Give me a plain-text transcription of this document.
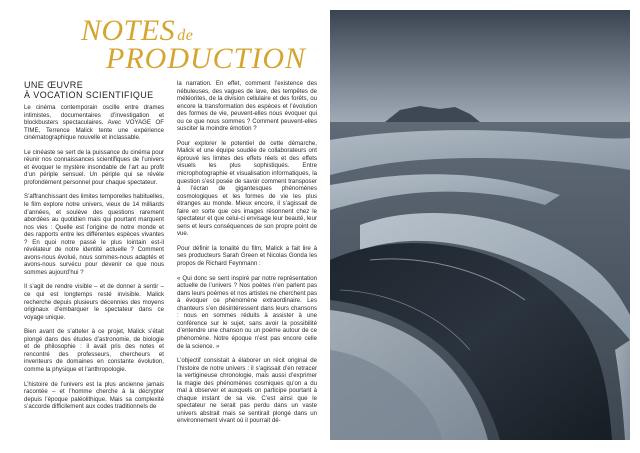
NOTES de
PRODUCTION
UNE ŒUVRE
À VOCATION SCIENTIFIQUE

Le cinéma contemporain oscille entre drames intimistes, documentaires d’investigation et blockbusters spectaculaires. Avec VOYAGE OF TIME, Terrence Malick tente une expérience cinématographique nouvelle et inclassable.

Le cinéaste se sert de la puissance du cinéma pour réunir nos connaissances scientifiques de l’univers et évoquer le mystère insondable de l’art au profit d’un périple sensuel. Un périple qui se révèle profondément personnel pour chaque spectateur.

S’affranchissant des limites temporelles habituelles, le film explore notre univers, vieux de 14 milliards d’années, et soulève des questions rarement abordées au quotidien mais qui pourtant marquent nos vies : Quelle est l’origine de notre monde et des rapports entre les différentes espèces vivantes ? En quoi notre passé le plus lointain est-il révélateur de notre identité actuelle ? Comment avons-nous évolué, nous sommes-nous adaptés et avons-nous survécu pour devenir ce que nous sommes aujourd’hui ?

Il s’agit de rendre visible – et de donner à sentir – ce qui est longtemps resté invisible. Malick recherche depuis plusieurs décennies des moyens originaux d’embarquer le spectateur dans ce voyage unique.

Bien avant de s’atteler à ce projet, Malick s’était plongé dans des études d’astronomie, de biologie et de philosophie : il avait pris des notes et rencontré des professeurs, chercheurs et inventeurs de domaines en constante évolution, comme la physique et l’anthropologie.

L’histoire de l’univers est la plus ancienne jamais racontée – et l’homme cherche à la décrypter depuis l’époque paléolithique. Mais sa complexité s’accorde difficilement aux codes traditionnels de

la narration. En effet, comment l’existence des nébuleuses, des vagues de lave, des tempêtes de météorites, de la division cellulaire et des forêts, ou encore la transformation des espèces et l’évolution des formes de vie, peuvent-elles nous évoquer qui ou ce que nous sommes ? Comment peuvent-elles susciter la moindre émotion ?

Pour explorer le potentiel de cette démarche, Malick et une équipe soudée de collaborateurs ont éprouvé les limites des effets réels et des effets visuels les plus sophistiqués. Entre microphotographie et visualisation informatiques, la question s’est posée de savoir comment transposer à l’écran de gigantesques phénomènes cosmologiques et les formes de vie les plus étranges au monde. Mieux encore, il s’agissait de faire en sorte que ces images résonnent chez le spectateur et que celui-ci envisage leur beauté, leur sens et leurs conséquences de son propre point de vue.

Pour définir la tonalité du film, Malick a fait lire à ses producteurs Sarah Green et Nicolas Gonda les propos de Richard Feynmann :

« Qui donc se sent inspiré par notre représentation actuelle de l’univers ? Nos poètes n’en parlent pas dans leurs poèmes et nos artistes ne cherchent pas à évoquer ce phénomène extraordinaire. Les chanteurs s’en désintéressent dans leurs chansons : nous en sommes réduits à assister à une conférence sur le sujet, sans avoir la possibilité d’entendre une chanson ou un poème autour de ce phénomène. Notre époque n’est pas encore celle de la science. »

L’objectif consistait à élaborer un récit original de l’histoire de notre univers : il s’agissait d’en retracer la vertigineuse chronologie, mais aussi d’exprimer la magie des phénomènes cosmiques qu’on a du mal à observer et auxquels on participe pourtant à chaque instant de sa vie. C’est ainsi que le spectateur ne serait pas perdu dans un vaste univers abstrait mais se sentirait plongé dans un environnement vivant où il pourrait dé-
